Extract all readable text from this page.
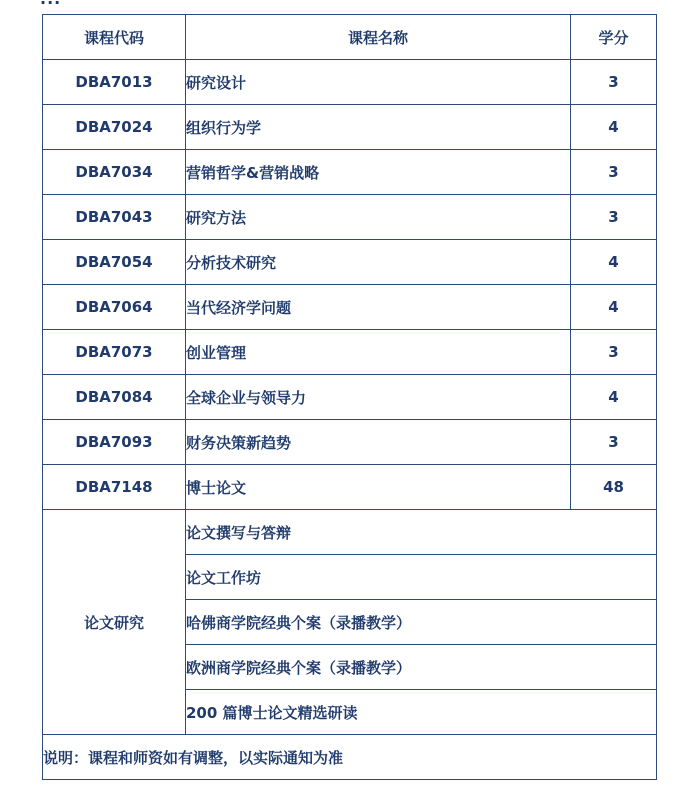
课程代码	课程名称	学分
DBA7013	研究设计	3
DBA7024	组织行为学	4
DBA7034	营销哲学&营销战略	3
DBA7043	研究方法	3
DBA7054	分析技术研究	4
DBA7064	当代经济学问题	4
DBA7073	创业管理	3
DBA7084	全球企业与领导力	4
DBA7093	财务决策新趋势	3
DBA7148	博士论文	48
论文研究	论文撰写与答辩	
	论文工作坊	
	哈佛商学院经典个案（录播教学）	
	欧洲商学院经典个案（录播教学）	
	200 篇博士论文精选研读	
说明：课程和师资如有调整，以实际通知为准		
